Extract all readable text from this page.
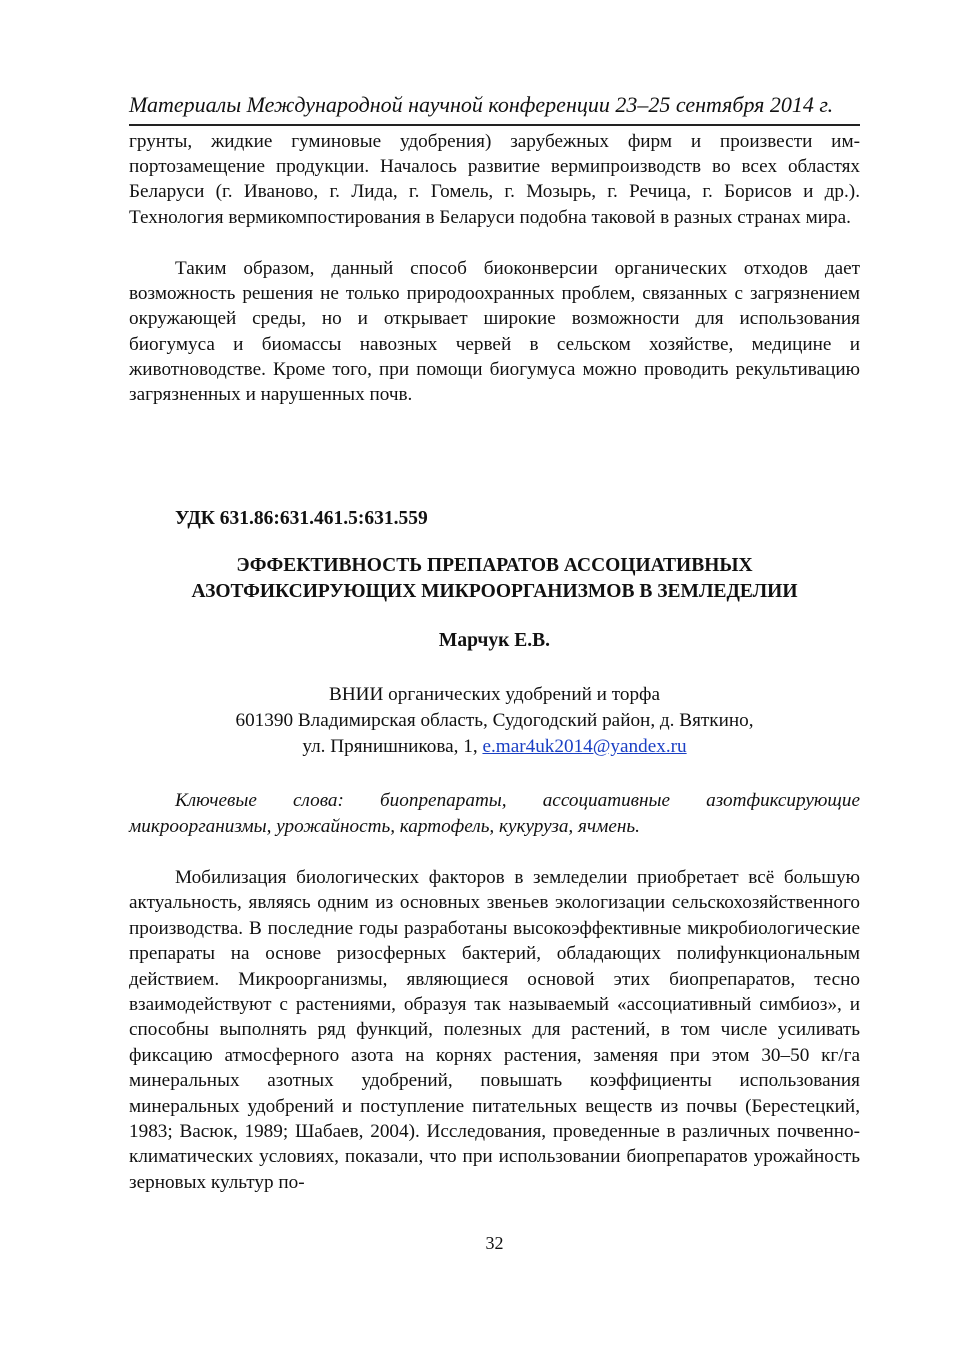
Материалы Международной научной конференции 23–25 сентября 2014 г.
грунты, жидкие гуминовые удобрения) зарубежных фирм и произвести импортозамещение продукции. Началось развитие вермипроизводств во всех областях Беларуси (г. Иваново, г. Лида, г. Гомель, г. Мозырь, г. Речица, г. Борисов и др.). Технология вермикомпостирования в Беларуси подобна таковой в разных странах мира.
Таким образом, данный способ биоконверсии органических отходов дает возможность решения не только природоохранных проблем, связанных с загрязнением окружающей среды, но и открывает широкие возможности для использования биогумуса и биомассы навозных червей в сельском хозяйстве, медицине и животноводстве. Кроме того, при помощи биогумуса можно проводить рекультивацию загрязненных и нарушенных почв.
УДК 631.86:631.461.5:631.559
ЭФФЕКТИВНОСТЬ ПРЕПАРАТОВ АССОЦИАТИВНЫХ
АЗОТФИКСИРУЮЩИХ МИКРООРГАНИЗМОВ В ЗЕМЛЕДЕЛИИ
Марчук Е.В.
ВНИИ органических удобрений и торфа
601390 Владимирская область, Судогодский район, д. Вяткино,
ул. Прянишникова, 1, e.mar4uk2014@yandex.ru
Ключевые слова: биопрепараты, ассоциативные азотфиксирующие микроорганизмы, урожайность, картофель, кукуруза, ячмень.
Мобилизация биологических факторов в земледелии приобретает всё большую актуальность, являясь одним из основных звеньев экологизации сельскохозяйственного производства. В последние годы разработаны высокоэффективные микробиологические препараты на основе ризосферных бактерий, обладающих полифункциональным действием. Микроорганизмы, являющиеся основой этих биопрепаратов, тесно взаимодействуют с растениями, образуя так называемый «ассоциативный симбиоз», и способны выполнять ряд функций, полезных для растений, в том числе усиливать фиксацию атмосферного азота на корнях растения, заменяя при этом 30–50 кг/га минеральных азотных удобрений, повышать коэффициенты использования минеральных удобрений и поступление питательных веществ из почвы (Берестецкий, 1983; Васюк, 1989; Шабаев, 2004). Исследования, проведенные в различных почвенно-климатических условиях, показали, что при использовании биопрепаратов урожайность зерновых культур по-
32
